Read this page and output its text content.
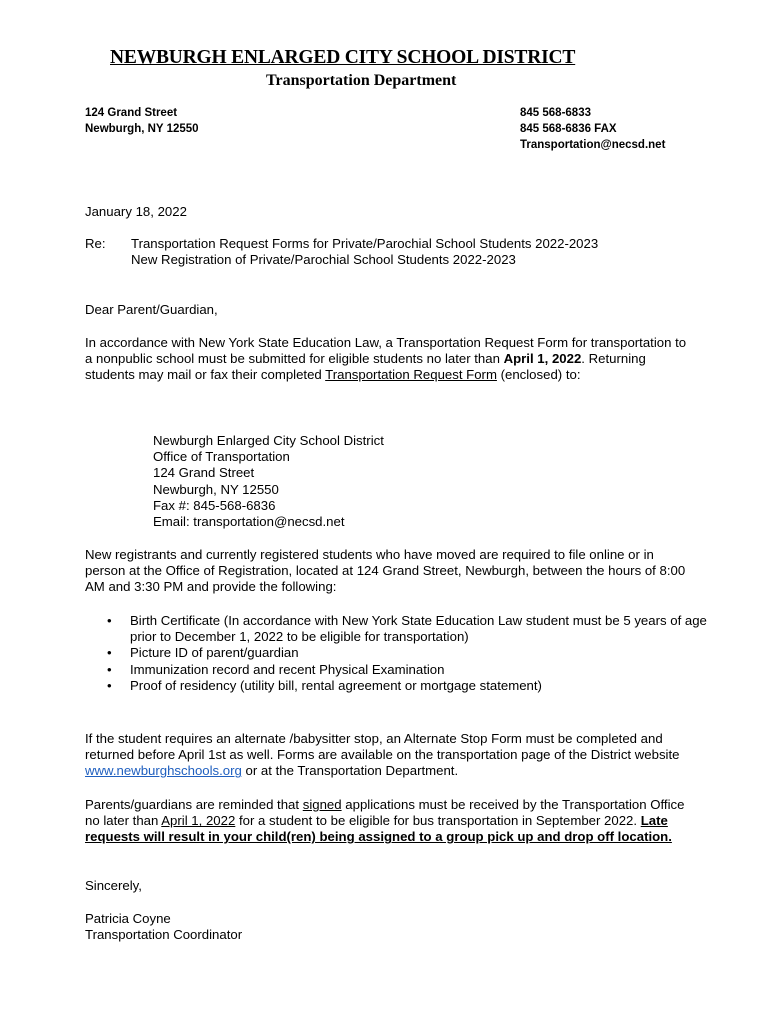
NEWBURGH ENLARGED CITY SCHOOL DISTRICT
Transportation Department
124 Grand Street
Newburgh, NY 12550
845 568-6833
845 568-6836 FAX
Transportation@necsd.net
January 18, 2022
Re: Transportation Request Forms for Private/Parochial School Students 2022-2023
New Registration of Private/Parochial School Students 2022-2023
Dear Parent/Guardian,
In accordance with New York State Education Law, a Transportation Request Form for transportation to a nonpublic school must be submitted for eligible students no later than April 1, 2022. Returning students may mail or fax their completed Transportation Request Form (enclosed) to:
Newburgh Enlarged City School District
Office of Transportation
124 Grand Street
Newburgh, NY 12550
Fax #: 845-568-6836
Email: transportation@necsd.net
New registrants and currently registered students who have moved are required to file online or in person at the Office of Registration, located at 124 Grand Street, Newburgh, between the hours of 8:00 AM and 3:30 PM and provide the following:
• Birth Certificate (In accordance with New York State Education Law student must be 5 years of age prior to December 1, 2022 to be eligible for transportation)
• Picture ID of parent/guardian
• Immunization record and recent Physical Examination
• Proof of residency (utility bill, rental agreement or mortgage statement)
If the student requires an alternate /babysitter stop, an Alternate Stop Form must be completed and returned before April 1st as well. Forms are available on the transportation page of the District website www.newburghschools.org or at the Transportation Department.
Parents/guardians are reminded that signed applications must be received by the Transportation Office no later than April 1, 2022 for a student to be eligible for bus transportation in September 2022. Late requests will result in your child(ren) being assigned to a group pick up and drop off location.
Sincerely,
Patricia Coyne
Transportation Coordinator
